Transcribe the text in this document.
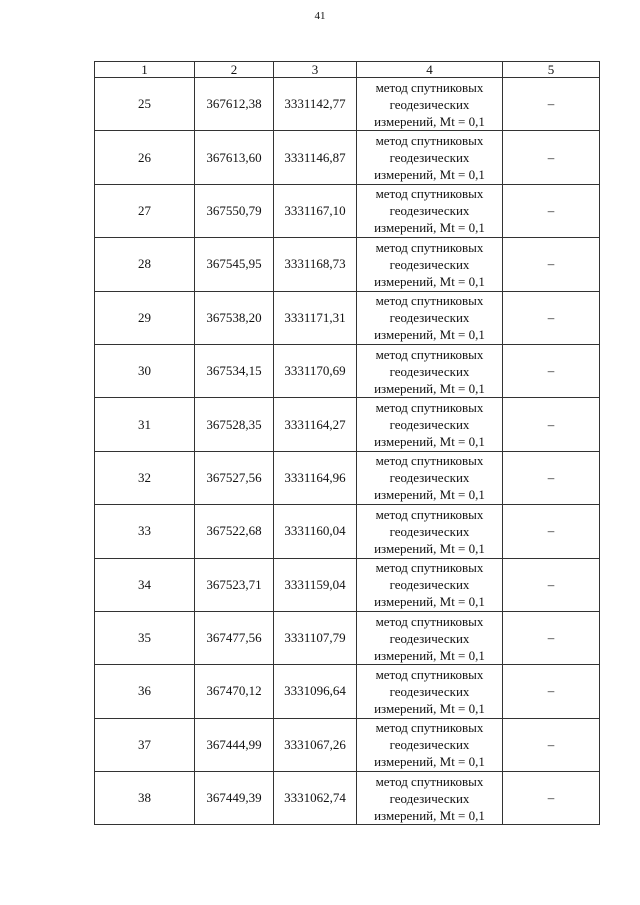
41
1	2	3	4	5
25	367612,38	3331142,77	метод спутниковых
геодезических
измерений, Mt = 0,1	–
26	367613,60	3331146,87	метод спутниковых
геодезических
измерений, Mt = 0,1	–
27	367550,79	3331167,10	метод спутниковых
геодезических
измерений, Mt = 0,1	–
28	367545,95	3331168,73	метод спутниковых
геодезических
измерений, Mt = 0,1	–
29	367538,20	3331171,31	метод спутниковых
геодезических
измерений, Mt = 0,1	–
30	367534,15	3331170,69	метод спутниковых
геодезических
измерений, Mt = 0,1	–
31	367528,35	3331164,27	метод спутниковых
геодезических
измерений, Mt = 0,1	–
32	367527,56	3331164,96	метод спутниковых
геодезических
измерений, Mt = 0,1	–
33	367522,68	3331160,04	метод спутниковых
геодезических
измерений, Mt = 0,1	–
34	367523,71	3331159,04	метод спутниковых
геодезических
измерений, Mt = 0,1	–
35	367477,56	3331107,79	метод спутниковых
геодезических
измерений, Mt = 0,1	–
36	367470,12	3331096,64	метод спутниковых
геодезических
измерений, Mt = 0,1	–
37	367444,99	3331067,26	метод спутниковых
геодезических
измерений, Mt = 0,1	–
38	367449,39	3331062,74	метод спутниковых
геодезических
измерений, Mt = 0,1	–
